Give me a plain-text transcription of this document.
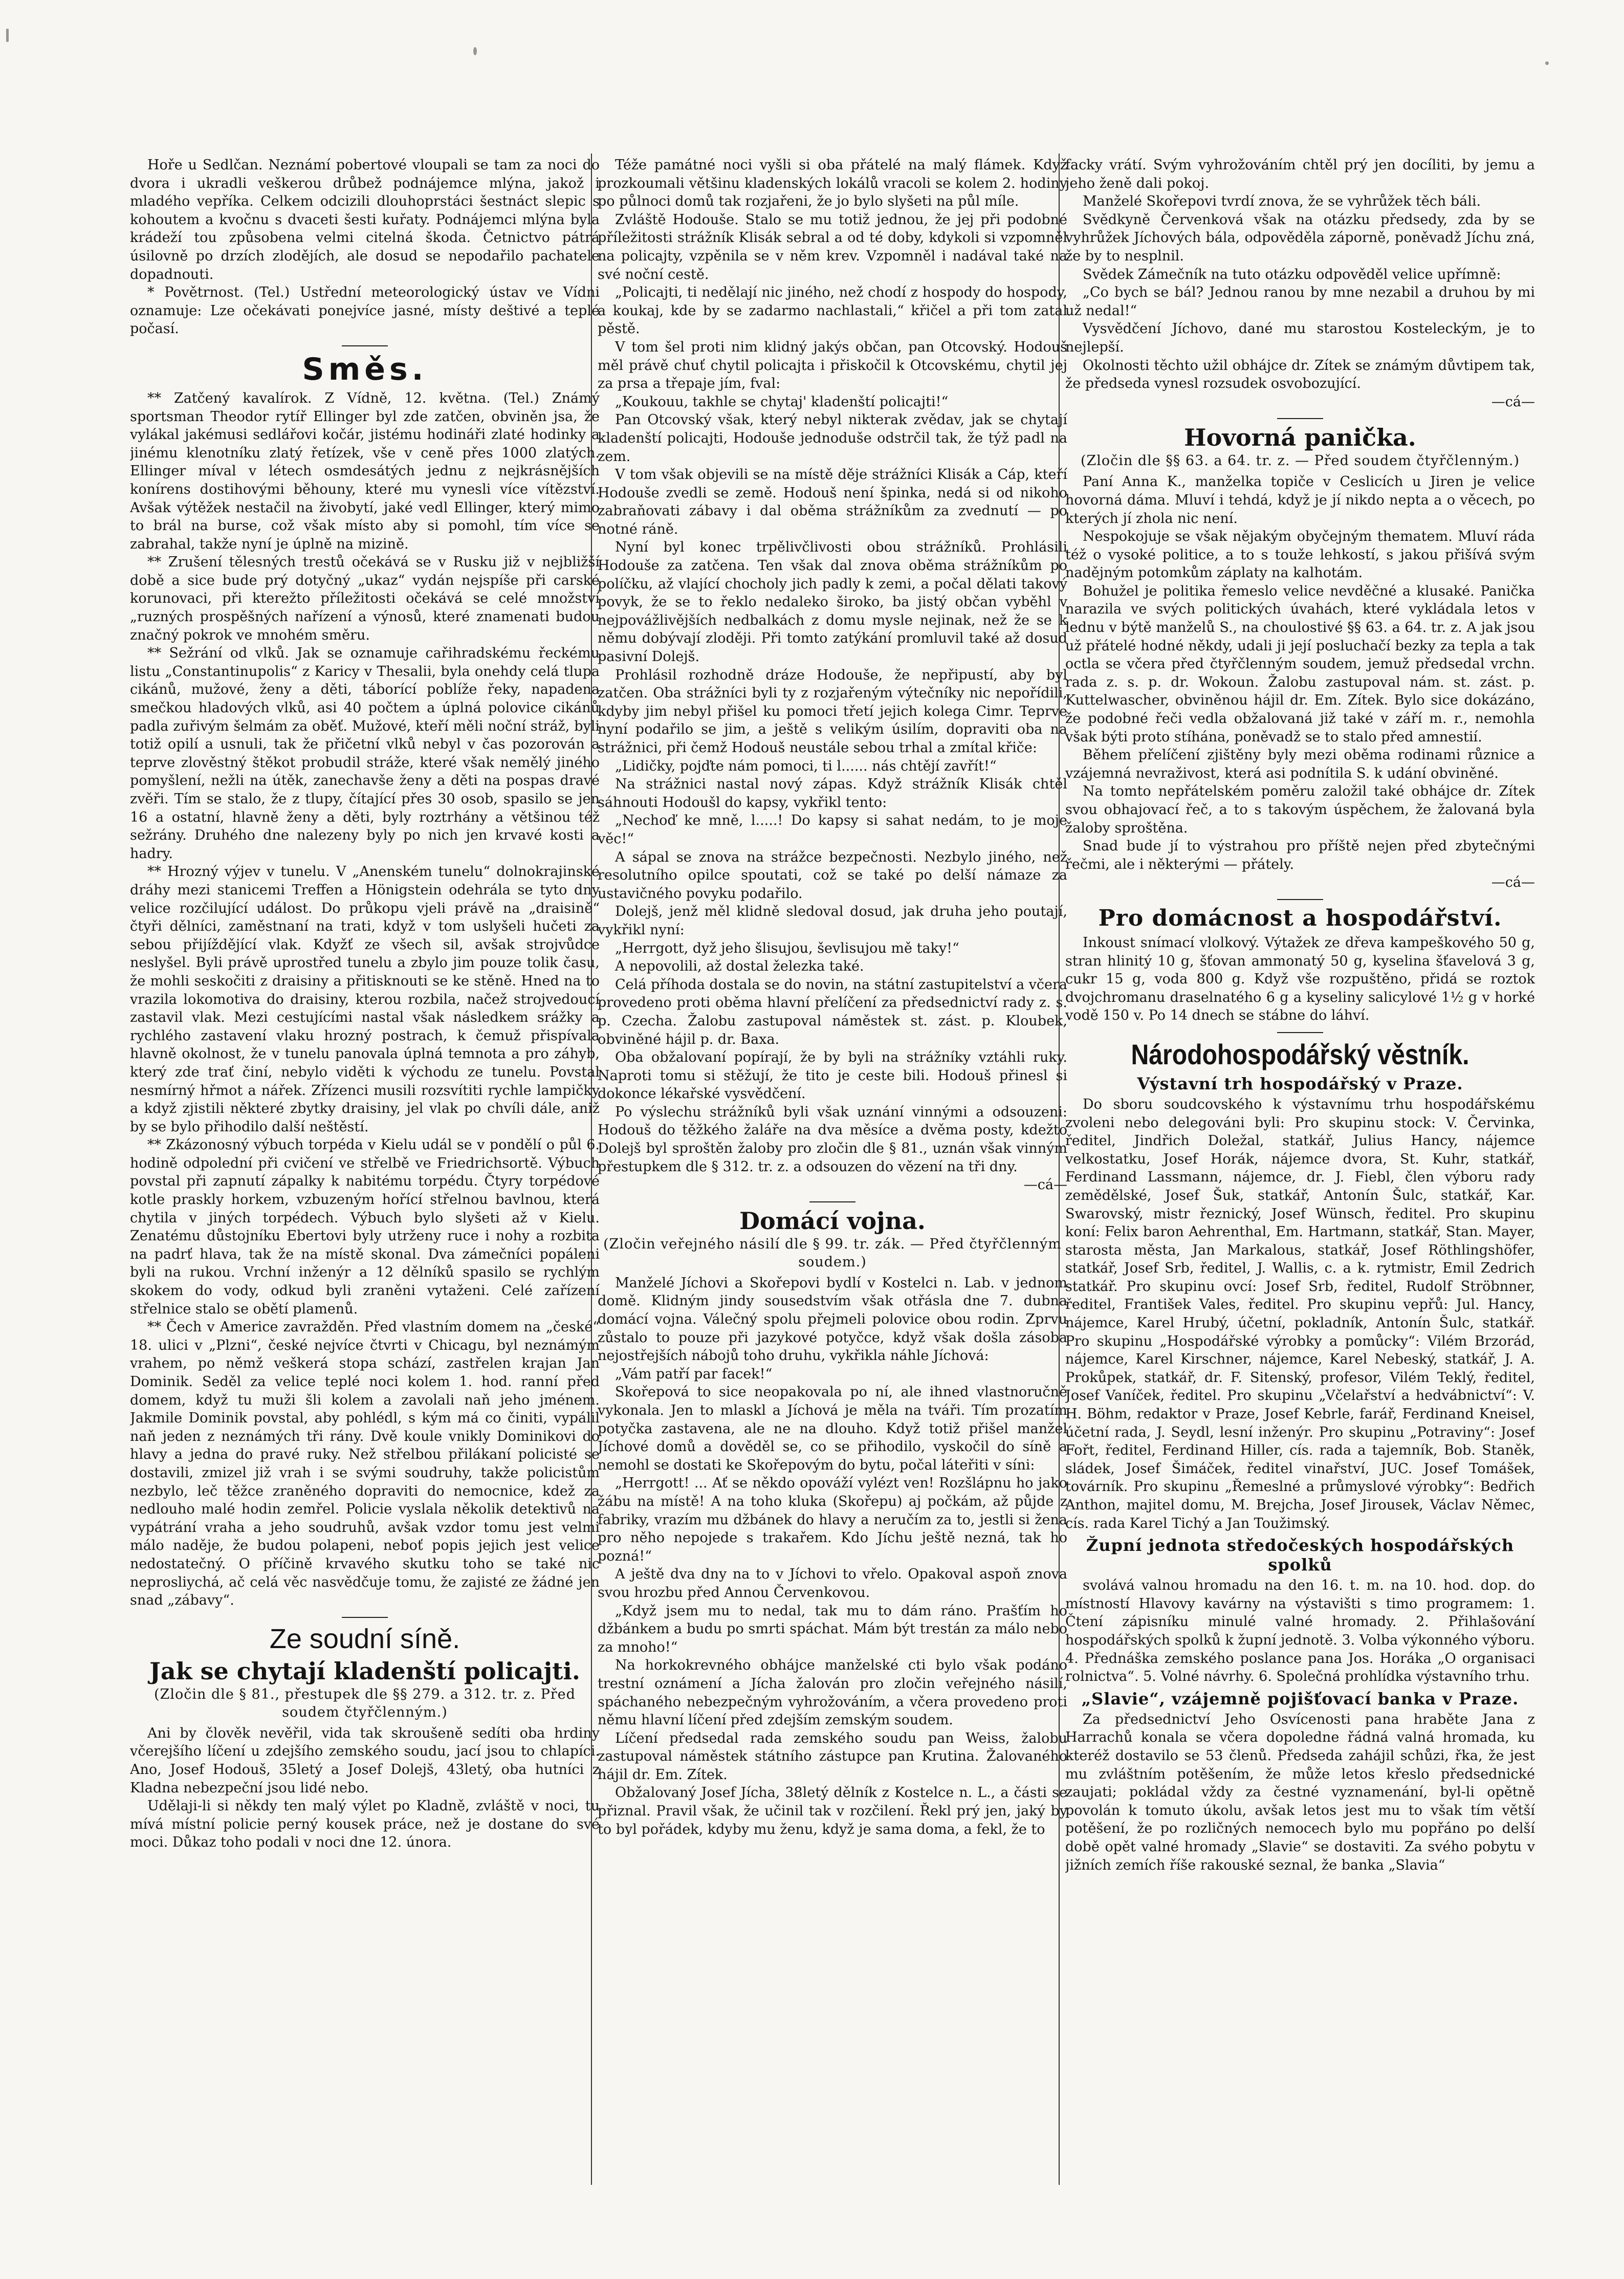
Hoře u Sedlčan. Neznámí pobertové vloupali se tam za noci do dvora i ukradli veškerou drůbež podnájemce mlýna, jakož i mladého vepříka. Celkem odcizili dlouhoprstáci šestnáct slepic s kohoutem a kvočnu s dvaceti šesti kuřaty. Podnájemci mlýna byla krádeží tou způsobena velmi citelná škoda. Četnictvo pátrá úsilovně po drzích zlodějích, ale dosud se nepodařilo pachatele dopadnouti.

* Povětrnost. (Tel.) Ustřední meteorologický ústav ve Vídni oznamuje: Lze očekávati ponejvíce jasné, místy deštivé a teplé počasí.

Směs.

** Zatčený kavalírok. Z Vídně, 12. května. (Tel.) Známý sportsman Theodor rytíř Ellinger byl zde zatčen, obviněn jsa, že vylákal jakémusi sedlářovi kočár, jistému hodináři zlaté hodinky a jinému klenotníku zlatý řetízek, vše v ceně přes 1000 zlatých. Ellinger míval v létech osmdesátých jednu z nejkrásnějších konírens dostihovými běhouny, které mu vynesli více vítězství. Avšak výtěžek nestačil na živobytí, jaké vedl Ellinger, který mimo to brál na burse, což však místo aby si pomohl, tím více se zabrahal, takže nyní je úplně na mizině.

** Zrušení tělesných trestů očekává se v Rusku již v nejbližší době a sice bude prý dotyčný „ukaz“ vydán nejspíše při carské korunovaci, při kterežto příležitosti očekává se celé množství „ruzných prospěšných nařízení a výnosů, které znamenati budou značný pokrok ve mnohém směru.

** Sežrání od vlků. Jak se oznamuje cařihradskému řeckému listu „Constantinupolis“ z Karicy v Thesalii, byla onehdy celá tlupa cikánů, mužové, ženy a děti, táborící poblíže řeky, napadena smečkou hladových vlků, asi 40 počtem a úplná polovice cikánů padla zuřivým šelmám za oběť. Mužové, kteří měli noční stráž, byli totiž opilí a usnuli, tak že přičetní vlků nebyl v čas pozorován a teprve zlověstný štěkot probudil stráže, které však nemělý jiného pomyšlení, nežli na útěk, zanechavše ženy a děti na pospas dravé zvěři. Tím se stalo, že z tlupy, čítající přes 30 osob, spasilo se jen 16 a ostatní, hlavně ženy a děti, byly roztrhány a většinou též sežrány. Druhého dne nalezeny byly po nich jen krvavé kosti a hadry.

** Hrozný výjev v tunelu. V „Anenském tunelu“ dolnokrajinské dráhy mezi stanicemi Treffen a Hönigstein odehrála se tyto dny velice rozčilující událost. Do průkopu vjeli právě na „draisině“ čtyři dělníci, zaměstnaní na trati, když v tom uslyšeli hučeti za sebou přijíždějící vlak. Kdyžť ze všech sil, avšak strojvůdce neslyšel. Byli právě uprostřed tunelu a zbylo jim pouze tolik času, že mohli seskočiti z draisiny a přitisknouti se ke stěně. Hned na to vrazila lokomotiva do draisiny, kterou rozbila, načež strojvedoucí zastavil vlak. Mezi cestujícími nastal však následkem srážky a rychlého zastavení vlaku hrozný postrach, k čemuž přispívala hlavně okolnost, že v tunelu panovala úplná temnota a pro záhyb, který zde trať činí, nebylo viděti k východu ze tunelu. Povstal nesmírný hřmot a nářek. Zřízenci musili rozsvítiti rychle lampičky a když zjistili některé zbytky draisiny, jel vlak po chvíli dále, aniž by se bylo přihodilo další neštěstí.

** Zkázonosný výbuch torpéda v Kielu udál se v pondělí o půl 6. hodině odpolední při cvičení ve střelbě ve Friedrichsortě. Výbuch povstal při zapnutí zápalky k nabitému torpédu. Čtyry torpédové kotle praskly horkem, vzbuzeným hořící střelnou bavlnou, která chytila v jiných torpédech. Výbuch bylo slyšeti až v Kielu. Zenatému důstojníku Ebertovi byly utrženy ruce i nohy a rozbita na padrť hlava, tak že na místě skonal. Dva zámečníci popáleni byli na rukou. Vrchní inženýr a 12 dělníků spasilo se rychlým skokem do vody, odkud byli zraněni vytaženi. Celé zařízení střelnice stalo se obětí plamenů.

** Čech v Americe zavražděn. Před vlastním domem na „české“ 18. ulici v „Plzni“, české nejvíce čtvrti v Chicagu, byl neznámým vrahem, po němž veškerá stopa schází, zastřelen krajan Jan Dominik. Seděl za velice teplé noci kolem 1. hod. ranní před domem, když tu muži šli kolem a zavolali naň jeho jménem. Jakmile Dominik povstal, aby pohlédl, s kým má co činiti, vypálil naň jeden z neznámých tři rány. Dvě koule vnikly Dominikovi do hlavy a jedna do pravé ruky. Než střelbou přilákaní policisté se dostavili, zmizel již vrah i se svými soudruhy, takže policistům nezbylo, leč těžce zraněného dopraviti do nemocnice, kdež za nedlouho malé hodin zemřel. Policie vyslala několik detektivů na vypátrání vraha a jeho soudruhů, avšak vzdor tomu jest velmi málo naděje, že budou polapeni, neboť popis jejich jest velice nedostatečný. O příčině krvavého skutku toho se také nic neprosliychá, ač celá věc nasvědčuje tomu, že zajisté ze žádné jen snad „zábavy“.

Ze soudní síně.
Jak se chytají kladenští policajti.
(Zločin dle § 81., přestupek dle §§ 279. a 312. tr. z. Před soudem čtyřčlenným.)

Ani by člověk nevěřil, vida tak skroušeně sedíti oba hrdiny včerejšího líčení u zdejšího zemského soudu, jací jsou to chlapíci. Ano, Josef Hodouš, 35letý a Josef Dolejš, 43letý, oba hutníci z Kladna nebezpeční jsou lidé nebo.

Udělaji-li si někdy ten malý výlet po Kladně, zvláště v noci, tu mívá místní policie perný kousek práce, než je dostane do své moci. Důkaz toho podali v noci dne 12. února.

Téže památné noci vyšli si oba přátelé na malý flámek. Když prozkoumali většinu kladenských lokálů vracoli se kolem 2. hodiny po půlnoci domů tak rozjařeni, že jo bylo slyšeti na půl míle.

Zvláště Hodouše. Stalo se mu totiž jednou, že jej při podobné příležitosti strážník Klisák sebral a od té doby, kdykoli si vzpomněl na policajty, vzpěnila se v něm krev. Vzpomněl i nadával také na své noční cestě.

„Policajti, ti nedělají nic jiného, než chodí z hospody do hospody, a koukaj, kde by se zadarmo nachlastali,“ křičel a při tom zatal pěstě.

V tom šel proti nim klidný jakýs občan, pan Otcovský. Hodouš měl právě chuť chytil policajta i přiskočil k Otcovskému, chytil jej za prsa a třepaje jím, fval:

„Koukouu, takhle se chytaj' kladenští policajti!“

Pan Otcovský však, který nebyl nikterak zvědav, jak se chytají kladenští policajti, Hodouše jednoduše odstrčil tak, že týž padl na zem.

V tom však objevili se na místě děje strážníci Klisák a Cáp, kteří Hodouše zvedli se země. Hodouš není špinka, nedá si od nikoho zabraňovati zábavy i dal oběma strážníkům za zvednutí — po notné ráně.

Nyní byl konec trpělivčlivosti obou strážníků. Prohlásili Hodouše za zatčena. Ten však dal znova oběma strážníkům po políčku, až vlající chocholy jich padly k zemi, a počal dělati takový povyk, že se to řeklo nedaleko široko, ba jistý občan vyběhl v nejpovážlivějších nedbalkách z domu mysle nejinak, než že se k němu dobývají zloději. Při tomto zatýkání promluvil také až dosud pasivní Dolejš.

Prohlásil rozhodně dráze Hodouše, že nepřipustí, aby byl zatčen. Oba strážníci byli ty z rozjařeným výtečníky nic nepořídili, kdyby jim nebyl přišel ku pomoci třetí jejich kolega Cimr. Teprve nyní podařilo se jim, a ještě s velikým úsilím, dopraviti oba na strážnici, při čemž Hodouš neustále sebou trhal a zmítal křiče:

„Lidičky, pojďte nám pomoci, ti l...... nás chtějí zavřít!“

Na strážnici nastal nový zápas. Když strážník Klisák chtěl sáhnouti Hodoušl do kapsy, vykřikl tento:

„Nechoď ke mně, l.....! Do kapsy si sahat nedám, to je moje věc!“

A sápal se znova na strážce bezpečnosti. Nezbylo jiného, než resolutního opilce spoutati, což se také po delší námaze za ustavičného povyku podařilo.

Dolejš, jenž měl klidně sledoval dosud, jak druha jeho poutají, vykřikl nyní:

„Herrgott, dyž jeho šlisujou, ševlisujou mě taky!“

A nepovolili, až dostal železka také.

Celá příhoda dostala se do novin, na státní zastupitelství a včera provedeno proti oběma hlavní přelíčení za předsednictví rady z. s. p. Czecha. Žalobu zastupoval náměstek st. zást. p. Kloubek, obviněné hájil p. dr. Baxa.

Oba obžalovaní popírají, že by byli na strážníky vztáhli ruky. Naproti tomu si stěžují, že tito je ceste bili. Hodouš přinesl si dokonce lékařské vysvědčení.

Po výslechu strážníků byli však uznání vinnými a odsouzeni: Hodouš do těžkého žaláře na dva měsíce a dvěma posty, kdežto Dolejš byl sproštěn žaloby pro zločin dle § 81., uznán však vinným přestupkem dle § 312. tr. z. a odsouzen do vězení na tři dny.

—cá—
Domácí vojna.
(Zločin veřejného násilí dle § 99. tr. zák. — Před čtyřčlenným soudem.)

Manželé Jíchovi a Skořepovi bydlí v Kostelci n. Lab. v jednom domě. Klidným jindy sousedstvím však otřásla dne 7. dubna domácí vojna. Válečný spolu přejmeli polovice obou rodin. Zprvu zůstalo to pouze při jazykové potyčce, když však došla zásoba nejostřejších nábojů toho druhu, vykřikla náhle Jíchová:

„Vám patří par facek!“

Skořepová to sice neopakovala po ní, ale ihned vlastnoručně vykonala. Jen to mlaskl a Jíchová je měla na tváři. Tím prozatím potyčka zastavena, ale ne na dlouho. Když totiž přišel manžel Jíchové domů a dověděl se, co se přihodilo, vyskočil do síně a nemohl se dostati ke Skořepovým do bytu, počal láteřiti v síni:

„Herrgott! ... Ať se někdo opováží vylézt ven! Rozšlápnu ho jako žábu na místě! A na toho kluka (Skořepu) aj počkám, až půjde z fabriky, vrazím mu džbánek do hlavy a neručím za to, jestli si žena pro něho nepojede s trakařem. Kdo Jíchu ještě nezná, tak ho pozná!“

A ještě dva dny na to v Jíchovi to vřelo. Opakoval aspoň znova svou hrozbu před Annou Červenkovou.

„Když jsem mu to nedal, tak mu to dám ráno. Prašťím ho džbánkem a budu po smrti spáchat. Mám být trestán za málo nebo za mnoho!“

Na horkokrevného obhájce manželské cti bylo však podáno trestní oznámení a Jícha žalován pro zločin veřejného násilí, spáchaného nebezpečným vyhrožováním, a včera provedeno proti němu hlavní líčení před zdejším zemským soudem.

Líčení předsedal rada zemského soudu pan Weiss, žalobu zastupoval náměstek státního zástupce pan Krutina. Žalovaného hájil dr. Em. Zítek.

Obžalovaný Josef Jícha, 38letý dělník z Kostelce n. L., a části se přiznal. Pravil však, že učinil tak v rozčilení. Řekl prý jen, jaký by to byl pořádek, kdyby mu ženu, když je sama doma, a fekl, že to

facky vrátí. Svým vyhrožováním chtěl prý jen docíliti, by jemu a jeho ženě dali pokoj.

Manželé Skořepovi tvrdí znova, že se vyhrůžek těch báli.

Svědkyně Červenková však na otázku předsedy, zda by se vyhrůžek Jíchových bála, odpověděla záporně, poněvadž Jíchu zná, že by to nesplnil.

Svědek Zámečník na tuto otázku odpověděl velice upřímně:

„Co bych se bál? Jednou ranou by mne nezabil a druhou by mi už nedal!“

Vysvědčení Jíchovo, dané mu starostou Kosteleckým, je to nejlepší.

Okolnosti těchto užil obhájce dr. Zítek se známým důvtipem tak, že předseda vynesl rozsudek osvobozující.

—cá—
Hovorná panička.
(Zločin dle §§ 63. a 64. tr. z. — Před soudem čtyřčlenným.)

Paní Anna K., manželka topiče v Ceslicích u Jiren je velice hovorná dáma. Mluví i tehdá, když je jí nikdo nepta a o věcech, po kterých jí zhola nic není.

Nespokojuje se však nějakým obyčejným thematem. Mluví ráda též o vysoké politice, a to s touže lehkostí, s jakou přišívá svým nadějným potomkům záplaty na kalhotám.

Bohužel je politika řemeslo velice nevděčné a klusaké. Panička narazila ve svých politických úvahách, které vykládala letos v lednu v býtě manželů S., na choulostivé §§ 63. a 64. tr. z. A jak jsou už přátelé hodné někdy, udali ji její posluchačí bezky za tepla a tak octla se včera před čtyřčlenným soudem, jemuž předsedal vrchn. rada z. s. p. dr. Wokoun. Žalobu zastupoval nám. st. zást. p. Kuttelwascher, obviněnou hájil dr. Em. Zítek. Bylo sice dokázáno, že podobné řeči vedla obžalovaná již také v září m. r., nemohla však býti proto stíhána, poněvadž se to stalo před amnestií.

Během přelíčení zjištěny byly mezi oběma rodinami různice a vzájemná nevraživost, která asi podnítila S. k udání obviněné.

Na tomto nepřátelském poměru založil také obhájce dr. Zítek svou obhajovací řeč, a to s takovým úspěchem, že žalovaná byla žaloby sproštěna.

Snad bude jí to výstrahou pro příště nejen před zbytečnými řečmi, ale i některými — přátely.

—cá—
Pro domácnost a hospodářství.

Inkoust snímací vlolkový. Výtažek ze dřeva kampeškového 50 g, stran hlinitý 10 g, šťovan ammonatý 50 g, kyselina šťavelová 3 g, cukr 15 g, voda 800 g. Když vše rozpuštěno, přidá se roztok dvojchromanu draselnatého 6 g a kyseliny salicylové 1½ g v horké vodě 150 v. Po 14 dnech se stábne do láhví.

Národohospodářský věstník.
Výstavní trh hospodářský v Praze.

Do sboru soudcovského k výstavnímu trhu hospodářskému zvoleni nebo delegováni byli: Pro skupinu stock: V. Červinka, ředitel, Jindřich Doležal, statkář, Julius Hancy, nájemce velkostatku, Josef Horák, nájemce dvora, St. Kuhr, statkář, Ferdinand Lassmann, nájemce, dr. J. Fiebl, člen výboru rady zemědělské, Josef Šuk, statkář, Antonín Šulc, statkář, Kar. Swarovský, mistr řeznický, Josef Wünsch, ředitel. Pro skupinu koní: Felix baron Aehrenthal, Em. Hartmann, statkář, Stan. Mayer, starosta města, Jan Markalous, statkář, Josef Röthlingshöfer, statkář, Josef Srb, ředitel, J. Wallis, c. a k. rytmistr, Emil Zedrich statkář. Pro skupinu ovcí: Josef Srb, ředitel, Rudolf Ströbnner, ředitel, František Vales, ředitel. Pro skupinu vepřů: Jul. Hancy, nájemce, Karel Hrubý, účetní, pokladník, Antonín Šulc, statkář. Pro skupinu „Hospodářské výrobky a pomůcky“: Vilém Brzorád, nájemce, Karel Kirschner, nájemce, Karel Nebeský, statkář, J. A. Prokůpek, statkář, dr. F. Sitenský, profesor, Vilém Teklý, ředitel, Josef Vaníček, ředitel. Pro skupinu „Včelařství a hedvábnictví“: V. H. Böhm, redaktor v Praze, Josef Kebrle, farář, Ferdinand Kneisel, účetní rada, J. Seydl, lesní inženýr. Pro skupinu „Potraviny“: Josef Fořt, ředitel, Ferdinand Hiller, cís. rada a tajemník, Bob. Staněk, sládek, Josef Šimáček, ředitel vinařství, JUC. Josef Tomášek, továrník. Pro skupinu „Řemeslné a průmyslové výrobky“: Bedřich Anthon, majitel domu, M. Brejcha, Josef Jirousek, Václav Němec, cís. rada Karel Tichý a Jan Toužimský.

Župní jednota středočeských hospodářských spolků

svolává valnou hromadu na den 16. t. m. na 10. hod. dop. do místností Hlavovy kavárny na výstavišti s timo programem: 1. Čtení zápisníku minulé valné hromady. 2. Přihlašování hospodářských spolků k župní jednotě. 3. Volba výkonného výboru. 4. Přednáška zemského poslance pana Jos. Horáka „O organisaci rolnictva“. 5. Volné návrhy. 6. Společná prohlídka výstavního trhu.

„Slavie“, vzájemně pojišťovací banka v Praze.

Za předsednictví Jeho Osvícenosti pana hraběte Jana z Harrachů konala se včera dopoledne řádná valná hromada, ku kteréž dostavilo se 53 členů. Předseda zahájil schůzi, řka, že jest mu zvláštním potěšením, že může letos křeslo předsednické zaujati; pokládal vždy za čestné vyznamenání, byl-li opětně povolán k tomuto úkolu, avšak letos jest mu to však tím větší potěšení, že po rozličných nemocech bylo mu popřáno po delší době opět valné hromady „Slavie“ se dostaviti. Za svého pobytu v jižních zemích říše rakouské seznal, že banka „Slavia“
